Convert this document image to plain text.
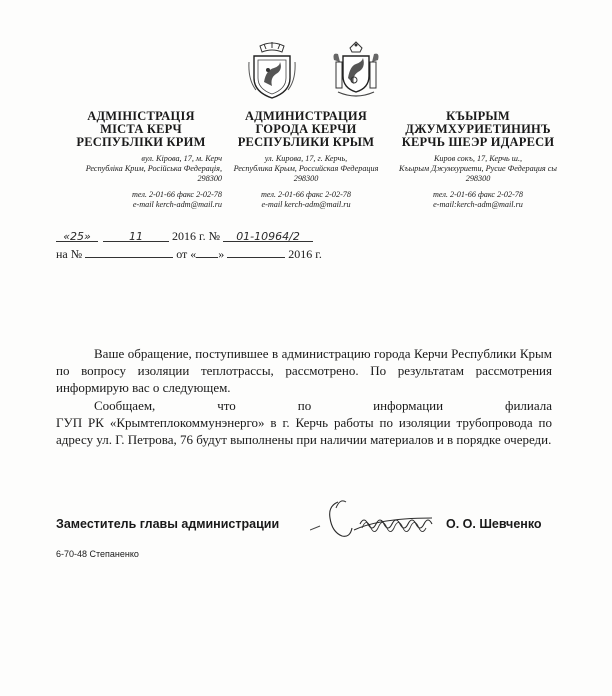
АДМІНІСТРАЦІЯ
МІСТА КЕРЧ
РЕСПУБЛІКИ КРИМ
вул. Кірова, 17, м. Керч
Республіка Крим, Російська Федерація,
298300
тел. 2-01-66 факс 2-02-78
e-mail kerch-adm@mail.ru
АДМИНИСТРАЦИЯ
ГОРОДА КЕРЧИ
РЕСПУБЛИКИ КРЫМ
ул. Кирова, 17, г. Керчь,
Республика Крым, Российская Федерация
298300
тел. 2-01-66 факс 2-02-78
e-mail kerch-adm@mail.ru
КЪЫРЫМ
ДЖУМХУРИЕТИНИНЪ
КЕРЧЬ ШЕЭР ИДАРЕСИ
Киров сокъ, 17, Керчь ш.,
Къырым Джумхуриети, Русие Федерация сы
298300
тел. 2-01-66 факс 2-02-78
e-mail:kerch-adm@mail.ru
«25»	11 2016 г. № 01-10964/2
на №	от « »	2016 г.
Ваше обращение, поступившее в администрацию города Керчи Республики Крым по вопросу изоляции теплотрассы, рассмотрено. По результатам рассмотрения информирую вас о следующем.
Сообщаем, что по информации филиала
ГУП РК «Крымтеплокоммунэнерго» в г. Керчь работы по изоляции трубопровода по адресу ул. Г. Петрова, 76 будут выполнены при наличии материалов и в порядке очереди.
Заместитель главы администрации	О. О. Шевченко
6-70-48 Степаненко
